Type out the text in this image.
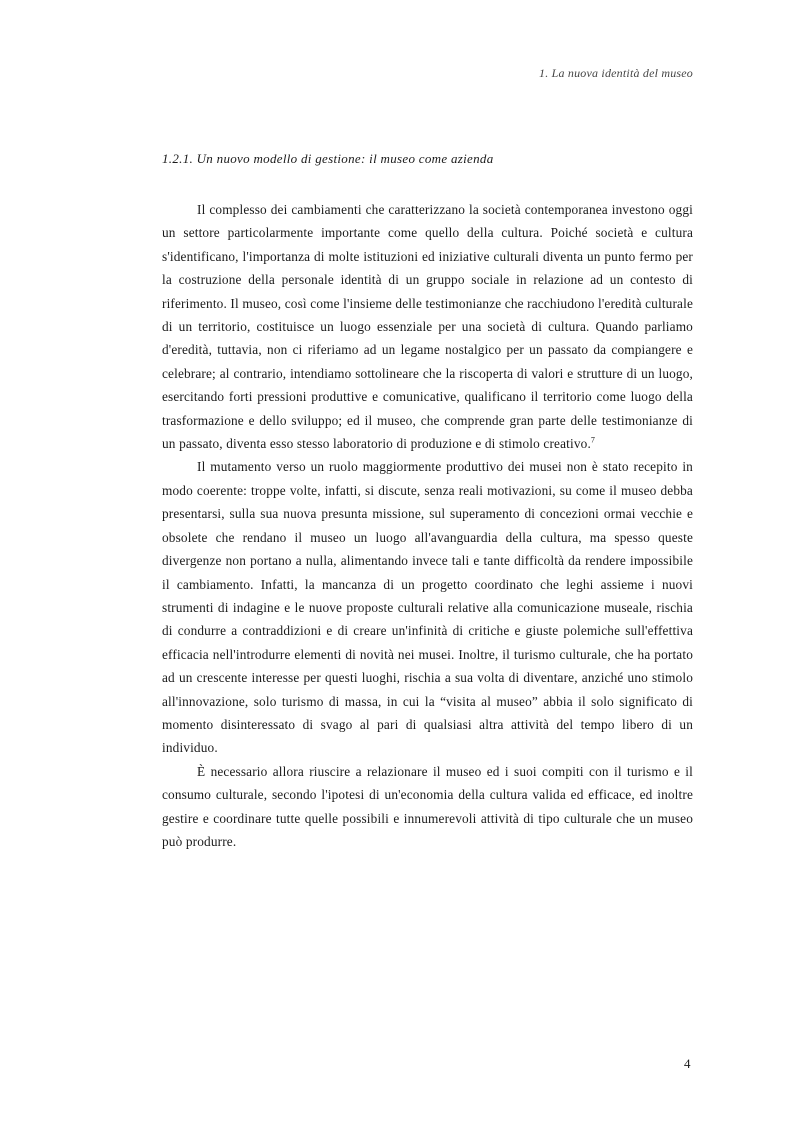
1. La nuova identità del museo
1.2.1. Un nuovo modello di gestione: il museo come azienda

Il complesso dei cambiamenti che caratterizzano la società contemporanea investono oggi un settore particolarmente importante come quello della cultura. Poiché società e cultura s'identificano, l'importanza di molte istituzioni ed iniziative culturali diventa un punto fermo per la costruzione della personale identità di un gruppo sociale in relazione ad un contesto di riferimento. Il museo, così come l'insieme delle testimonianze che racchiudono l'eredità culturale di un territorio, costituisce un luogo essenziale per una società di cultura. Quando parliamo d'eredità, tuttavia, non ci riferiamo ad un legame nostalgico per un passato da compiangere e celebrare; al contrario, intendiamo sottolineare che la riscoperta di valori e strutture di un luogo, esercitando forti pressioni produttive e comunicative, qualificano il territorio come luogo della trasformazione e dello sviluppo; ed il museo, che comprende gran parte delle testimonianze di un passato, diventa esso stesso laboratorio di produzione e di stimolo creativo.$^7$

Il mutamento verso un ruolo maggiormente produttivo dei musei non è stato recepito in modo coerente: troppe volte, infatti, si discute, senza reali motivazioni, su come il museo debba presentarsi, sulla sua nuova presunta missione, sul superamento di concezioni ormai vecchie e obsolete che rendano il museo un luogo all'avanguardia della cultura, ma spesso queste divergenze non portano a nulla, alimentando invece tali e tante difficoltà da rendere impossibile il cambiamento. Infatti, la mancanza di un progetto coordinato che leghi assieme i nuovi strumenti di indagine e le nuove proposte culturali relative alla comunicazione museale, rischia di condurre a contraddizioni e di creare un'infinità di critiche e giuste polemiche sull'effettiva efficacia nell'introdurre elementi di novità nei musei. Inoltre, il turismo culturale, che ha portato ad un crescente interesse per questi luoghi, rischia a sua volta di diventare, anziché uno stimolo all'innovazione, solo turismo di massa, in cui la “visita al museo” abbia il solo significato di momento disinteressato di svago al pari di qualsiasi altra attività del tempo libero di un individuo.

È necessario allora riuscire a relazionare il museo ed i suoi compiti con il turismo e il consumo culturale, secondo l'ipotesi di un'economia della cultura valida ed efficace, ed inoltre gestire e coordinare tutte quelle possibili e innumerevoli attività di tipo culturale che un museo può produrre.

4
